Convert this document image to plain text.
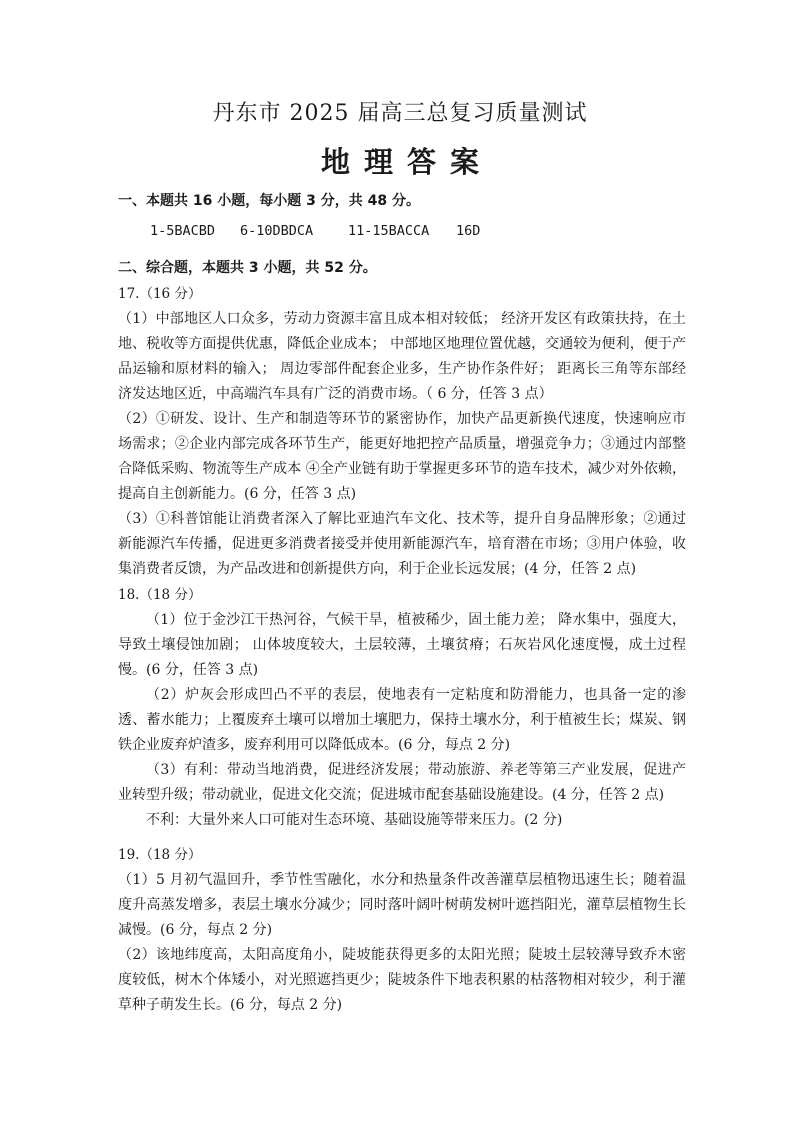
丹东市 2025 届高三总复习质量测试
地理答案
一、本题共 16 小题，每小题 3 分，共 48 分。
1-5BACBD 6-10DBDCA	11-15BACCA 16D
二、综合题，本题共 3 小题，共 52 分。

17.（16 分）

（1）中部地区人口众多，劳动力资源丰富且成本相对较低； 经济开发区有政策扶持，在土地、税收等方面提供优惠，降低企业成本； 中部地区地理位置优越，交通较为便利，便于产品运输和原材料的输入； 周边零部件配套企业多，生产协作条件好； 距离长三角等东部经济发达地区近，中高端汽车具有广泛的消费市场。（ 6 分，任答 3 点）

（2）①研发、设计、生产和制造等环节的紧密协作，加快产品更新换代速度，快速响应市场需求；②企业内部完成各环节生产，能更好地把控产品质量，增强竞争力；③通过内部整合降低采购、物流等生产成本 ④全产业链有助于掌握更多环节的造车技术，减少对外依赖，提高自主创新能力。(6 分，任答 3 点)

（3）①科普馆能让消费者深入了解比亚迪汽车文化、技术等，提升自身品牌形象；②通过新能源汽车传播，促进更多消费者接受并使用新能源汽车，培育潜在市场；③用户体验，收集消费者反馈，为产品改进和创新提供方向，利于企业长远发展；(4 分，任答 2 点)

18.（18 分）

（1）位于金沙江干热河谷，气候干旱，植被稀少，固土能力差； 降水集中，强度大，导致土壤侵蚀加剧； 山体坡度较大，土层较薄，土壤贫瘠；石灰岩风化速度慢，成土过程慢。(6 分，任答 3 点)

（2）炉灰会形成凹凸不平的表层，使地表有一定粘度和防滑能力，也具备一定的渗透、蓄水能力；上覆废弃土壤可以增加土壤肥力，保持土壤水分，利于植被生长；煤炭、钢铁企业废弃炉渣多，废弃利用可以降低成本。(6 分，每点 2 分)

（3）有利：带动当地消费，促进经济发展；带动旅游、养老等第三产业发展，促进产业转型升级；带动就业，促进文化交流；促进城市配套基础设施建设。(4 分，任答 2 点)

不利：大量外来人口可能对生态环境、基础设施等带来压力。(2 分)

19.（18 分）

（1）5 月初气温回升，季节性雪融化，水分和热量条件改善灌草层植物迅速生长；随着温度升高蒸发增多，表层土壤水分减少；同时落叶阔叶树萌发树叶遮挡阳光，灌草层植物生长减慢。(6 分，每点 2 分)

（2）该地纬度高，太阳高度角小，陡坡能获得更多的太阳光照；陡坡土层较薄导致乔木密度较低，树木个体矮小，对光照遮挡更少；陡坡条件下地表积累的枯落物相对较少，利于灌草种子萌发生长。(6 分，每点 2 分)
